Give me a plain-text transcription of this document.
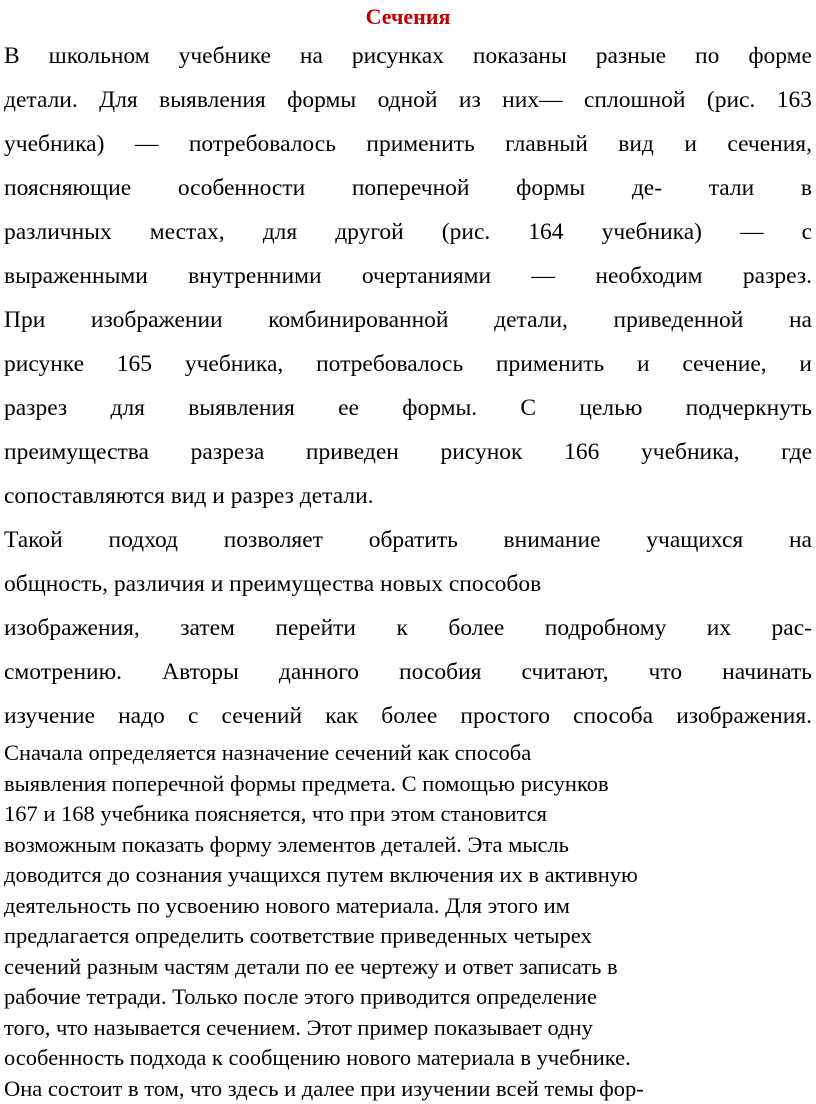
Сечения
В школьном учебнике на рисунках показаны разные по форме
детали. Для выявления формы одной из них— сплошной (рис. 163
учебника) — потребовалось применить главный вид и сечения,
поясняющие особенности поперечной формы де- тали в
различных местах, для другой (рис. 164 учебника) — с
выраженными внутренними очертаниями — необходим разрез.
При изображении комбинированной детали, приведенной на
рисунке 165 учебника, потребовалось применить и сечение, и
разрез для выявления ее формы. С целью подчеркнуть
преимущества разреза приведен рисунок 166 учебника, где
сопоставляются вид и разрез детали.
Такой подход позволяет обратить внимание учащихся на
общность, различия и преимущества новых способов
изображения, затем перейти к более подробному их рас-
смотрению. Авторы данного пособия считают, что начинать
изучение надо с сечений как более простого способа изображения.
Сначала определяется назначение сечений как способа
выявления поперечной формы предмета. С помощью рисунков
167 и 168 учебника поясняется, что при этом становится
возможным показать форму элементов деталей. Эта мысль
доводится до сознания учащихся путем включения их в активную
деятельность по усвоению нового материала. Для этого им
предлагается определить соответствие приведенных четырех
сечений разным частям детали по ее чертежу и ответ записать в
рабочие тетради. Только после этого приводится определение
того, что называется сечением. Этот пример показывает одну
особенность подхода к сообщению нового материала в учебнике.
Она состоит в том, что здесь и далее при изучении всей темы фор-
